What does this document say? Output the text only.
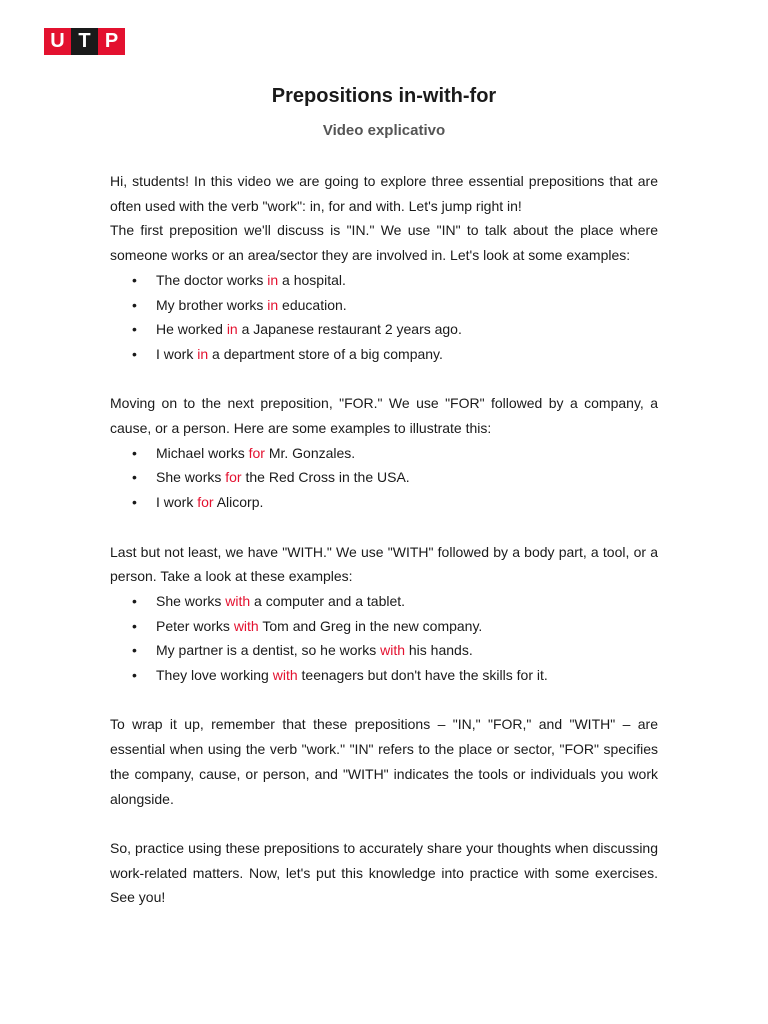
U T P
Prepositions in-with-for
Video explicativo

Hi, students! In this video we are going to explore three essential prepositions that are often used with the verb "work": in, for and with. Let's jump right in!

The first preposition we'll discuss is "IN." We use "IN" to talk about the place where someone works or an area/sector they are involved in. Let's look at some examples:

• The doctor works in a hospital.
• My brother works in education.
• He worked in a Japanese restaurant 2 years ago.
• I work in a department store of a big company.

Moving on to the next preposition, "FOR." We use "FOR" followed by a company, a cause, or a person. Here are some examples to illustrate this:

• Michael works for Mr. Gonzales.
• She works for the Red Cross in the USA.
• I work for Alicorp.

Last but not least, we have "WITH." We use "WITH" followed by a body part, a tool, or a person. Take a look at these examples:

• She works with a computer and a tablet.
• Peter works with Tom and Greg in the new company.
• My partner is a dentist, so he works with his hands.
• They love working with teenagers but don't have the skills for it.

To wrap it up, remember that these prepositions – "IN," "FOR," and "WITH" – are essential when using the verb "work." "IN" refers to the place or sector, "FOR" specifies the company, cause, or person, and "WITH" indicates the tools or individuals you work alongside.

So, practice using these prepositions to accurately share your thoughts when discussing work-related matters. Now, let's put this knowledge into practice with some exercises. See you!
